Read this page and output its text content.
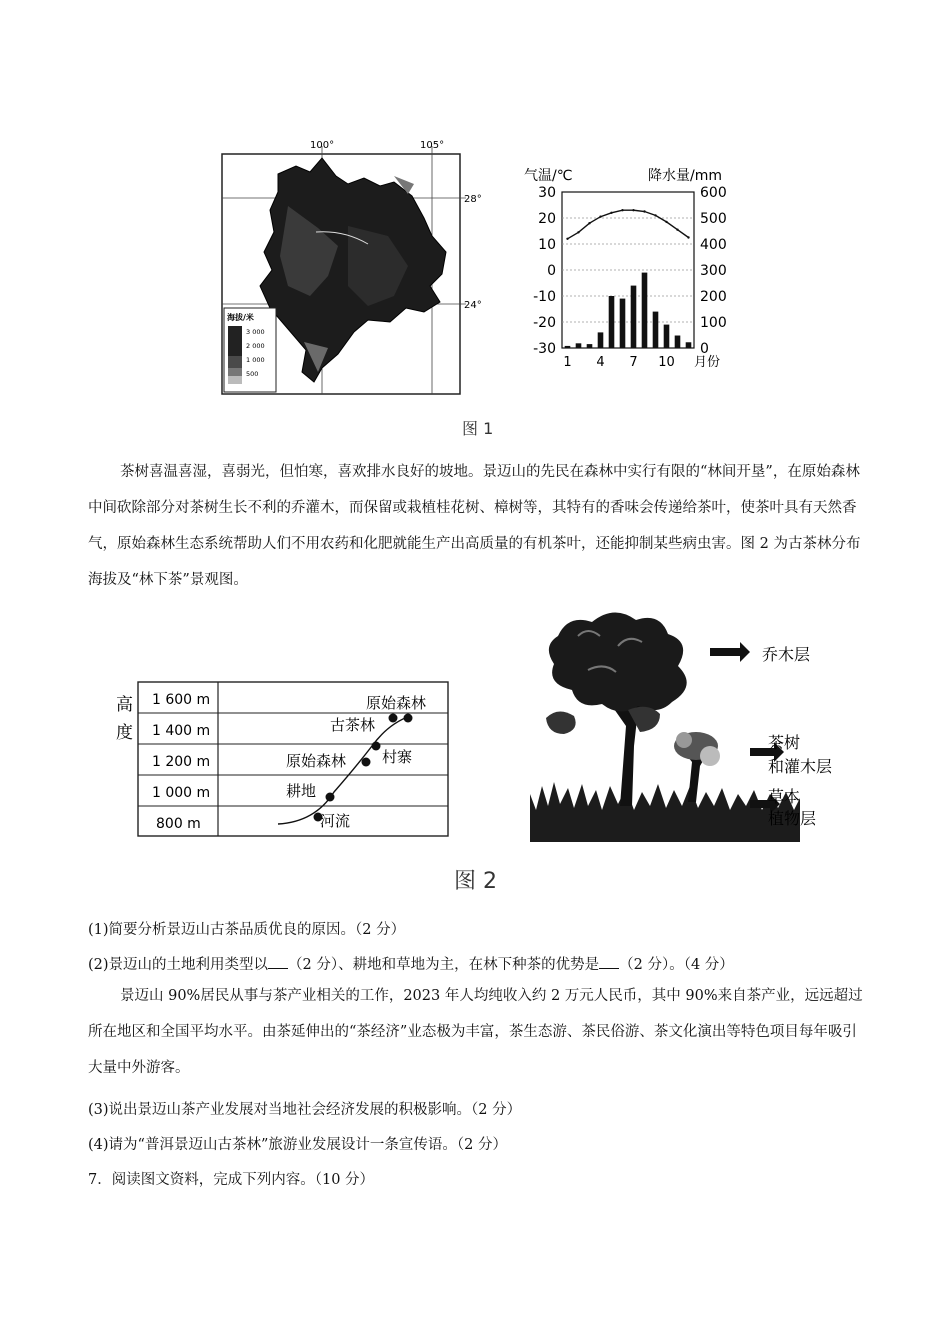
100°	105°
28°
24°
海拔/米
3 000
2 000
1 000
500
气温/℃	降水量/mm
月份
30
20
10
0
-10
-20
-30
600
500
400
300
200
100
0
1 4 7 10
图 1
茶树喜温喜湿，喜弱光，但怕寒，喜欢排水良好的坡地。景迈山的先民在森林中实行有限的“林间开垦”，在原始森林中间砍除部分对茶树生长不利的乔灌木，而保留或栽植桂花树、樟树等，其特有的香味会传递给茶叶，使茶叶具有天然香气，原始森林生态系统帮助人们不用农药和化肥就能生产出高质量的有机茶叶，还能抑制某些病虫害。图 2 为古茶林分布海拔及“林下茶”景观图。
高
度
1 600 m
1 400 m
1 200 m
1 000 m
800 m
原始森林
古茶林
原始森林 村寨
耕地
河流
乔木层
茶树
和灌木层
草本
植物层
图 2
(1)简要分析景迈山古茶品质优良的原因。（2 分）
(2)景迈山的土地利用类型以 （2 分）、耕地和草地为主，在林下种茶的优势是 （2 分）。（4 分）
景迈山 90%居民从事与茶产业相关的工作，2023 年人均纯收入约 2 万元人民币，其中 90%来自茶产业，远远超过所在地区和全国平均水平。由茶延伸出的“茶经济”业态极为丰富，茶生态游、茶民俗游、茶文化演出等特色项目每年吸引大量中外游客。
(3)说出景迈山茶产业发展对当地社会经济发展的积极影响。（2 分）
(4)请为“普洱景迈山古茶林”旅游业发展设计一条宣传语。（2 分）
7．阅读图文资料，完成下列内容。（10 分）
